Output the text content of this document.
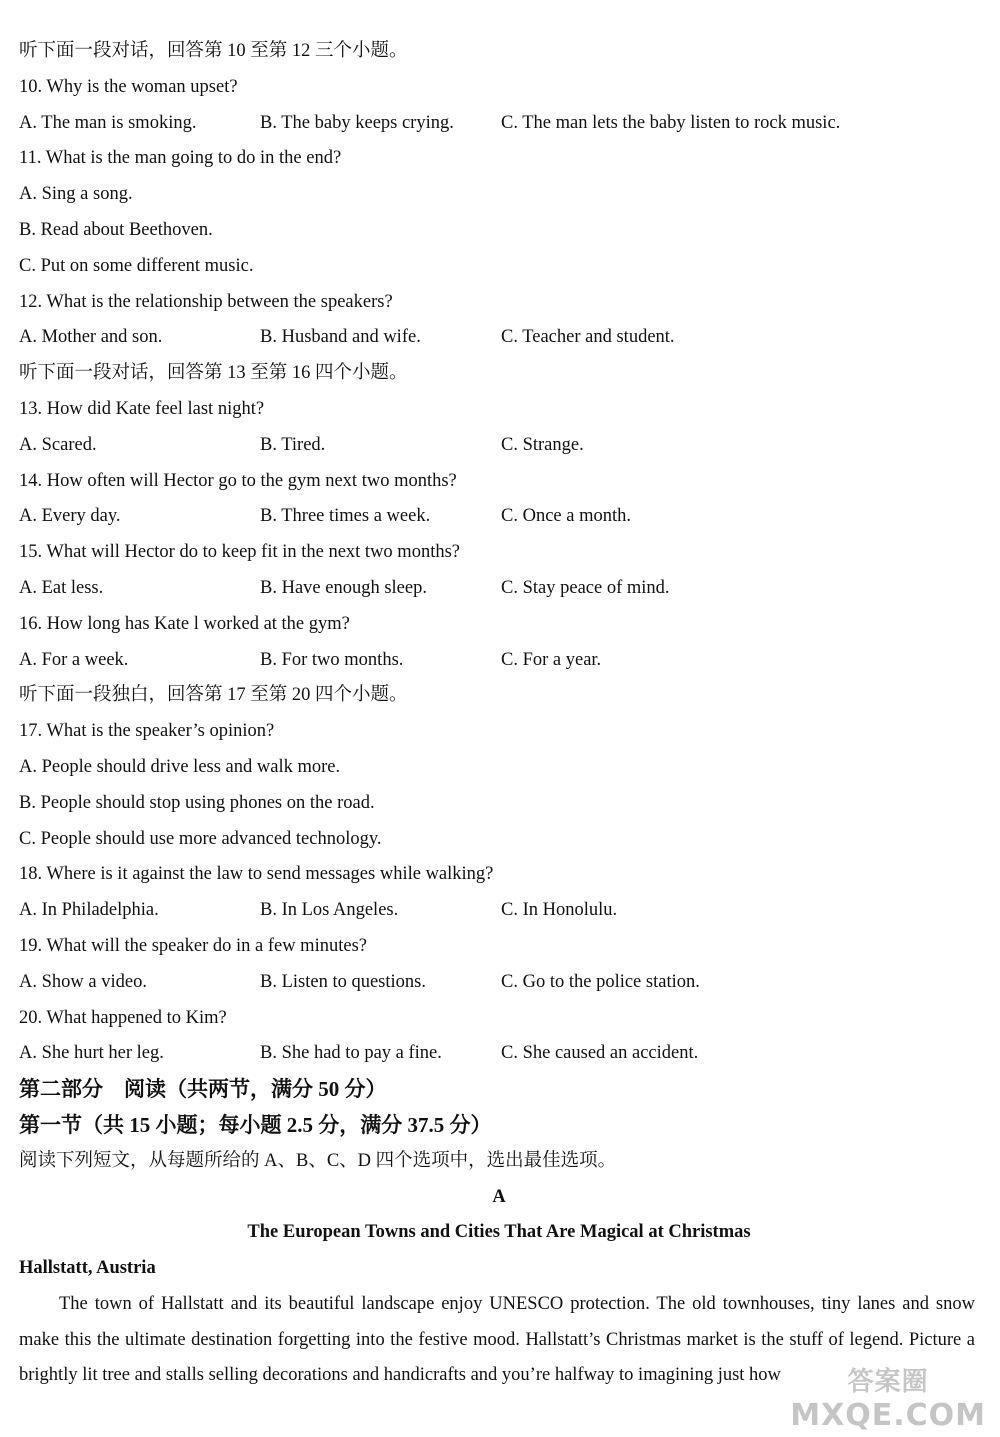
听下面一段对话，回答第 10 至第 12 三个小题。
10. Why is the woman upset?
A. The man is smoking.	B. The baby keeps crying.	C. The man lets the baby listen to rock music.
11. What is the man going to do in the end?
A. Sing a song.
B. Read about Beethoven.
C. Put on some different music.
12. What is the relationship between the speakers?
A. Mother and son.	B. Husband and wife.	C. Teacher and student.
听下面一段对话，回答第 13 至第 16 四个小题。
13. How did Kate feel last night?
A. Scared.	B. Tired.	C. Strange.
14. How often will Hector go to the gym next two months?
A. Every day.	B. Three times a week.	C. Once a month.
15. What will Hector do to keep fit in the next two months?
A. Eat less.	B. Have enough sleep.	C. Stay peace of mind.
16. How long has Kate l worked at the gym?
A. For a week.	B. For two months.	C. For a year.
听下面一段独白，回答第 17 至第 20 四个小题。
17. What is the speaker’s opinion?
A. People should drive less and walk more.
B. People should stop using phones on the road.
C. People should use more advanced technology.
18. Where is it against the law to send messages while walking?
A. In Philadelphia.	B. In Los Angeles.	C. In Honolulu.
19. What will the speaker do in a few minutes?
A. Show a video.	B. Listen to questions.	C. Go to the police station.
20. What happened to Kim?
A. She hurt her leg.	B. She had to pay a fine.	C. She caused an accident.
第二部分　阅读（共两节，满分 50 分）
第一节（共 15 小题；每小题 2.5 分，满分 37.5 分）
阅读下列短文，从每题所给的 A、B、C、D 四个选项中，选出最佳选项。
A
The European Towns and Cities That Are Magical at Christmas
Hallstatt, Austria
The town of Hallstatt and its beautiful landscape enjoy UNESCO protection. The old townhouses, tiny lanes and snow make this the ultimate destination forgetting into the festive mood. Hallstatt’s Christmas market is the stuff of legend. Picture a brightly lit tree and stalls selling decorations and handicrafts and you’re halfway to imagining just how	答案圈
MXQE.COM
